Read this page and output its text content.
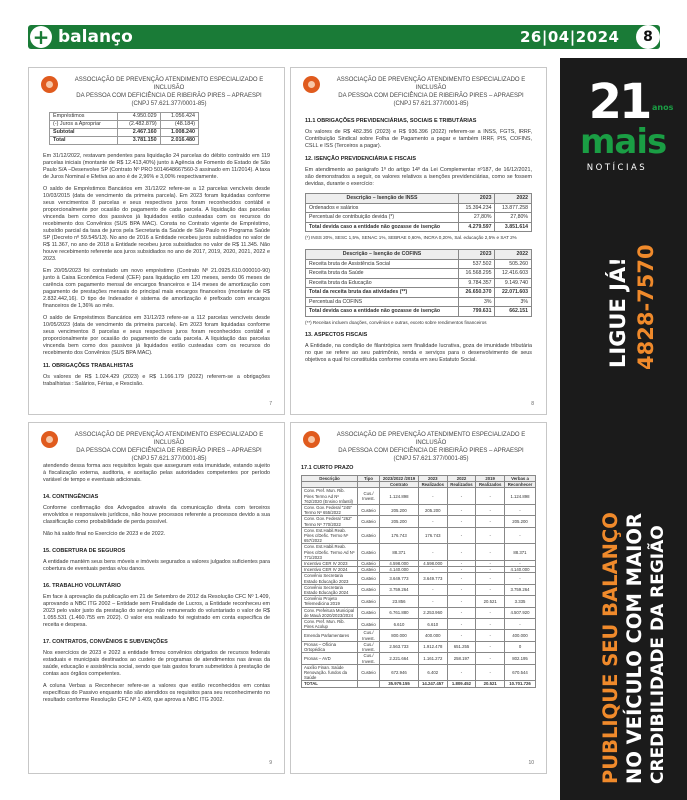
+ balanço	26|04|2024	8
ASSOCIAÇÃO DE PREVENÇÃO ATENDIMENTO ESPECIALIZADO E INCLUSÃO
DA PESSOA COM DEFICIÊNCIA DE RIBEIRÃO PIRES – APRAESPI
(CNPJ 57.621.377/0001-85)
Empréstimos	4.950.029	1.056.424
(-) Juros a Apropriar	(2.482.879)	(48.184)
Subtotal	2.467.160	1.008.240
Total	3.781.150	2.016.480

Em 31/12/2022, restavam pendentes para liquidação 24 parcelas do débito contraído em 119 parcelas iniciais (montante de R$ 12.413,40%) junto à Agência de Fomento do Estado de São Paulo S/A –Desenvolve SP (Contrato Nº PRO 5014648667560-3 assinado em 11/2014). A taxa de Juros Nominal e Efetiva ao ano é de 2,96% e 3,00% respectivamente.

O saldo de Empréstimos Bancários em 31/12/22 refere-se a 12 parcelas vencíveis desde 10/03/2015 (data de vencimento da primeira parcela). Em 2023 foram liquidadas conforme seus vencimentos 8 parcelas e seus respectivos juros foram reconhecidos contábil e proporcionalmente por ocasião do pagamento de cada parcela. A liquidação das parcelas vincenda bem como dos passivos já liquidados estão custeadas com os recursos do recebimento dos Convênios (SUS BPA MAC). Consta no Contrato vigente de Empréstimo, subsídio parcial da taxa de juros pela Secretaria da Saúde de São Paulo no Programa Saúde SP (Decreto nº 59.545/13). No ano de 2016 a Entidade recebeu juros subsidiados no valor de R$ 11.367, no ano de 2018 a Entidade recebeu juros subsidiados no valor de R$ 11.345. Não houve recebimento referente aos juros subsidiados no ano de 2017, 2019, 2020, 2021, 2022 e 2023.

Em 20/05/2023 foi contratado um novo empréstimo (Contrato Nº 21.0925.610.000010-90) junto à Caixa Econômica Federal (CEF) para liquidação em 120 meses, sendo 06 meses de carência com pagamento mensal de encargos financeiros e 114 meses de amortização com pagamento de prestações mensais do principal mais encargos financeiros (montante de R$ 2.832.442,16). O tipo de Indexador é sistema de amortização é prefixado com encargos financeiros de 1,36% ao mês.

O saldo de Empréstimos Bancários em 31/12/23 refere-se a 112 parcelas vencíveis desde 10/05/2023 (data de vencimento da primeira parcela). Em 2023 foram liquidadas conforme seus vencimentos 8 parcelas e seus respectivos juros foram reconhecidos contábil e proporcionalmente por ocasião do pagamento de cada parcela. A liquidação das parcelas vincenda bem como dos passivos já liquidados estão custeadas com os recursos do recebimento dos Convênios (SUS BPA MAC).

11. OBRIGAÇÕES TRABALHISTAS

Os valores de R$ 1.024.429 (2023) e R$ 1.166.179 (2022) referem-se a obrigações trabalhistas : Salários, Férias, e Rescisão.

7
ASSOCIAÇÃO DE PREVENÇÃO ATENDIMENTO ESPECIALIZADO E INCLUSÃO
DA PESSOA COM DEFICIÊNCIA DE RIBEIRÃO PIRES – APRAESPI
(CNPJ 57.621.377/0001-85)
11.1 OBRIGAÇÕES PREVIDENCIÁRIAS, SOCIAIS E TRIBUTÁRIAS

Os valores de R$ 482.356 (2023) e R$ 936.396 (2022) referem-se a INSS, FGTS, IRRF, Contribuição Sindical sobre Folha de Pagamento a pagar e também IRRF, PIS, COFINS, CSLL e ISS (Terceiros a pagar).

12. ISENÇÃO PREVIDENCIÁRIA E FISCAIS

Em atendimento ao parágrafo 1º do artigo 14º da Lei Complementar nº187, de 16/12/2021, são demonstrados a seguir, os valores relativos a isenções previdenciárias, como se fossem devidas, durante o exercício:

Descrição – Isenção de INSS	2023	2022
Ordenados e salários	15.394.234	13.877.258
Percentual de contribuição devida (*)	27,80%	27,80%
Total devida caso a entidade não gozasse de isenção	4.279.597	3.851.614

(*) INSS 20%, SESC 1,5%, SENAC 1%, SEBRAE 0,60%, INCRA 0,20%, Sal. educação 2,5% e SAT 2%

Descrição – Isenção de COFINS	2023	2022
Receita bruta de Assistência Social	537.502	505.260
Receita bruta da Saúde	16.568.295	12.416.603
Receita bruta da Educação	9.784.357	9.149.740
Total da receita bruta das atividades (**)	26.650.370	22.071.603
Percentual da COFINS	3%	3%
Total devida caso a entidade não gozasse de isenção	799.631	662.151

(**) Receitas incluem doações, convênios e outras, exceto sobre rendimentos financeiros

13. ASPECTOS FISCAIS

A Entidade, na condição de filantrópica sem finalidade lucrativa, goza de imunidade tributária no que se refere ao seu patrimônio, renda e serviços para o desenvolvimento de seus objetivos a qual foi constituída conforme consta em seu Estatuto Social.

8
ASSOCIAÇÃO DE PREVENÇÃO ATENDIMENTO ESPECIALIZADO E INCLUSÃO
DA PESSOA COM DEFICIÊNCIA DE RIBEIRÃO PIRES – APRAESPI
(CNPJ 57.621.377/0001-85)

atendendo dessa forma aos requisitos legais que asseguram esta imunidade, estando sujeito à fiscalização externa, auditoria, e aceitação pelas autoridades competentes por período variável de tempo e eventuais adicionais.

14. CONTINGÊNCIAS

Conforme confirmação dos Advogados através da comunicação direta com terceiros envolvidos e responsáveis jurídicos, não houve processos referente a processos devido a sua classificação como probabilidade de perda possível.

Não há saldo final no Exercício de 2023 e de 2022.

15. COBERTURA DE SEGUROS

A entidade mantém seus bens móveis e imóveis segurados a valores julgados suficientes para cobertura de eventuais perdas e/ou danos.

16. TRABALHO VOLUNTÁRIO

Em face à aprovação da publicação em 21 de Setembro de 2012 da Resolução CFC Nº 1.409, aprovando a NBC ITG 2002 – Entidade sem Finalidade de Lucros, a Entidade reconheceu em 2023 pelo valor justo da prestação do serviço não remunerado do voluntariado o valor de R$ 1.055.531 (1.460.755 em 2022). O valor era realizado foi registrado em conta específica de receita e despesa.

17. CONTRATOS, CONVÊNIOS E SUBVENÇÕES

Nos exercícios de 2023 e 2022 a entidade firmou convênios obrigados de recursos federais estaduais e municipais destinados ao custeio de programas de atendimentos nas áreas da saúde, educação e assistência social, sendo que tais gastos foram submetidos à prestação de contas aos órgãos competentes.

A coluna Verbas a Reconhecer refere-se a valores que estão reconhecidos em contas específicas do Passivo enquanto não são atendidos os requisitos para seu reconhecimento no resultado conforme Resolução CFC Nº 1.409, que aprova a NBC ITG 2002.

9
ASSOCIAÇÃO DE PREVENÇÃO ATENDIMENTO ESPECIALIZADO E INCLUSÃO
DA PESSOA COM DEFICIÊNCIA DE RIBEIRÃO PIRES – APRAESPI
(CNPJ 57.621.377/0001-85)
17.1 CURTO PRAZO
Descrição	Tipo	2023/2022 /2019	2023	2022	2019	Verbas a
		Contrato	Realizados	Realizados	Realizados	Reconhecer
Conv. Pref. Mun. Rib. Pires Termo Ad Nº 762/2020 (Ensino Infantil)	Cus./ Invest.	1.124.898	-	-	-	1.124.898
Conv. Gov. Federal "245" Termo Nº 655/2022	Custeio	205.200	205.200	-	-	-
Conv. Gov. Federal "262" Termo Nº 770/2022	Custeio	205.200	-	-	-	205.200
Conv. Est.Habil.Reab. Pires c/Defic. Termo Nº 657/2022	Custeio	176.743	176.743	-	-	-
Conv. Est.Habil.Reab. Pires c/Defic. Termo Ad Nº 771/2023	Custeio	88.371	-	-	-	88.371
Incentivo CER IV 2023	Custeio	4.598.000	4.598.000	-	-	-
Incentivo CER IV 2024	Custeio	4.140.000	-	-	-	4.140.000
Convênio Secretaria Estado Educação 2023	Custeio	3.649.773	3.649.773	-	-	-
Convênio Secretaria Estado Educação 2024	Custeio	3.759.264	-	-	-	3.759.264
Convênio Projeto Telemedicina 2019	Custeio	23.856	-	-	20.521	3.335
Conv. Prefeitura Municipal de Mauá 2020/2023/2024	Custeio	6.761.880	2.253.960	-	-	4.507.920
Conv. Pref. Mun. Rib. Pires Acolup	Custeio	6.610	6.610	-	-	-
Emenda Parlamentares	Cus./ Invest.	800.000	400.000	-	-	400.000
Pronas – Ofícina Ortopédica	Cus./ Invest.	2.563.733	1.912.478	651.255	-	0
Pronas – AVD	Cus./ Invest.	2.221.664	1.161.272	258.197	-	802.195
Auxílio Finan. Saúde Renovação. fundos da Saúde	Custeio	672.946	6.402	-	-	670.544
TOTAL		35.979.155	14.247.457	1.809.452	20.521	10.701.726
10
21 anos
mais
NOTÍCIAS
LIGUE JÁ! 4828-7570
PUBLIQUE SEU BALANÇO NO VEÍCULO COM MAIOR CREDIBILIDADE DA REGIÃO
